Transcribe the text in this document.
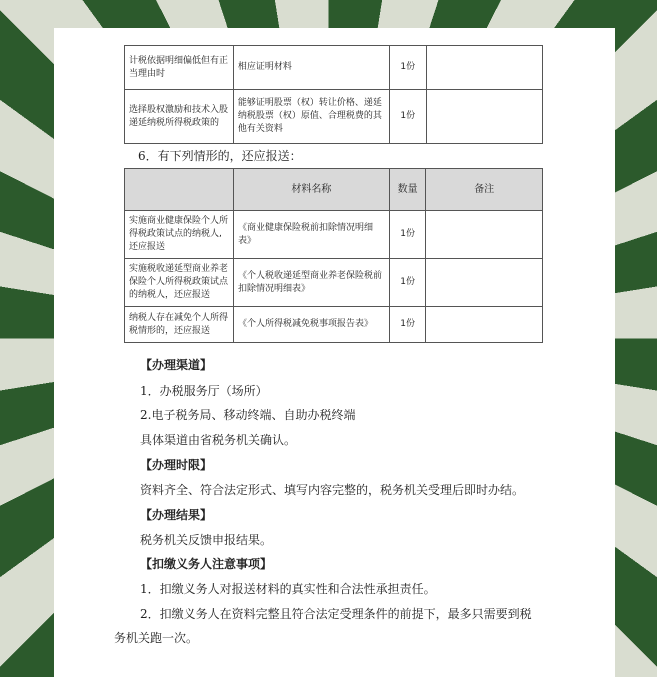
计税依据明细偏低但有正当理由时	相应证明材料	1份	
选择股权激励和技术入股递延纳税所得税政策的	能够证明股票（权）转让价格、递延纳税股票（权）原值、合理税费的其他有关资料	1份	
6．有下列情形的，还应报送：
	材料名称	数量	备注
实施商业健康保险个人所得税政策试点的纳税人,还应报送	《商业健康保险税前扣除情况明细表》	1份	
实施税收递延型商业养老保险个人所得税政策试点的纳税人，还应报送	《个人税收递延型商业养老保险税前扣除情况明细表》	1份	
纳税人存在减免个人所得税情形的，还应报送	《个人所得税减免税事项报告表》	1份	
【办理渠道】
1．办税服务厅（场所）
2.电子税务局、移动终端、自助办税终端
具体渠道由省税务机关确认。
【办理时限】
资料齐全、符合法定形式、填写内容完整的，税务机关受理后即时办结。
【办理结果】
税务机关反馈申报结果。
【扣缴义务人注意事项】
1．扣缴义务人对报送材料的真实性和合法性承担责任。
2．扣缴义务人在资料完整且符合法定受理条件的前提下，最多只需要到税
务机关跑一次。
